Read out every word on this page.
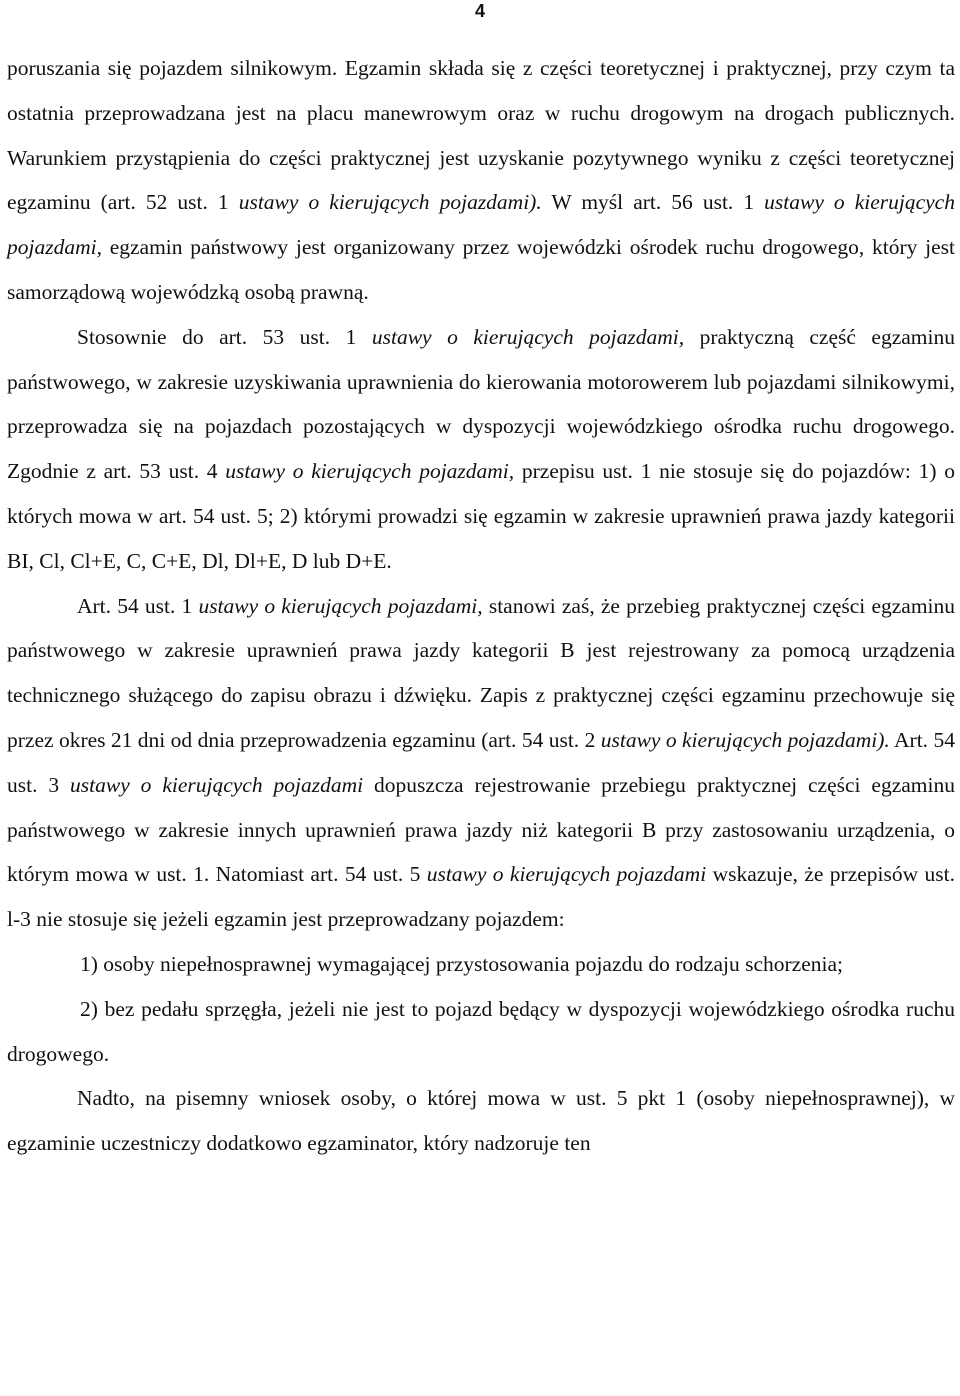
4

poruszania się pojazdem silnikowym. Egzamin składa się z części teoretycznej i praktycznej, przy czym ta ostatnia przeprowadzana jest na placu manewrowym oraz w ruchu drogowym na drogach publicznych. Warunkiem przystąpienia do części praktycznej jest uzyskanie pozytywnego wyniku z części teoretycznej egzaminu (art. 52 ust. 1 ustawy o kierujących pojazdami). W myśl art. 56 ust. 1 ustawy o kierujących pojazdami, egzamin państwowy jest organizowany przez wojewódzki ośrodek ruchu drogowego, który jest samorządową wojewódzką osobą prawną.

Stosownie do art. 53 ust. 1 ustawy o kierujących pojazdami, praktyczną część egzaminu państwowego, w zakresie uzyskiwania uprawnienia do kierowania motorowerem lub pojazdami silnikowymi, przeprowadza się na pojazdach pozostających w dyspozycji wojewódzkiego ośrodka ruchu drogowego. Zgodnie z art. 53 ust. 4 ustawy o kierujących pojazdami, przepisu ust. 1 nie stosuje się do pojazdów: 1) o których mowa w art. 54 ust. 5; 2) którymi prowadzi się egzamin w zakresie uprawnień prawa jazdy kategorii BI, Cl, Cl+E, C, C+E, Dl, Dl+E, D lub D+E.

Art. 54 ust. 1 ustawy o kierujących pojazdami, stanowi zaś, że przebieg praktycznej części egzaminu państwowego w zakresie uprawnień prawa jazdy kategorii B jest rejestrowany za pomocą urządzenia technicznego służącego do zapisu obrazu i dźwięku. Zapis z praktycznej części egzaminu przechowuje się przez okres 21 dni od dnia przeprowadzenia egzaminu (art. 54 ust. 2 ustawy o kierujących pojazdami). Art. 54 ust. 3 ustawy o kierujących pojazdami dopuszcza rejestrowanie przebiegu praktycznej części egzaminu państwowego w zakresie innych uprawnień prawa jazdy niż kategorii B przy zastosowaniu urządzenia, o którym mowa w ust. 1. Natomiast art. 54 ust. 5 ustawy o kierujących pojazdami wskazuje, że przepisów ust. l-3 nie stosuje się jeżeli egzamin jest przeprowadzany pojazdem:

1) osoby niepełnosprawnej wymagającej przystosowania pojazdu do rodzaju schorzenia;

2) bez pedału sprzęgła, jeżeli nie jest to pojazd będący w dyspozycji wojewódzkiego ośrodka ruchu drogowego.

Nadto, na pisemny wniosek osoby, o której mowa w ust. 5 pkt 1 (osoby niepełnosprawnej), w egzaminie uczestniczy dodatkowo egzaminator, który nadzoruje ten
